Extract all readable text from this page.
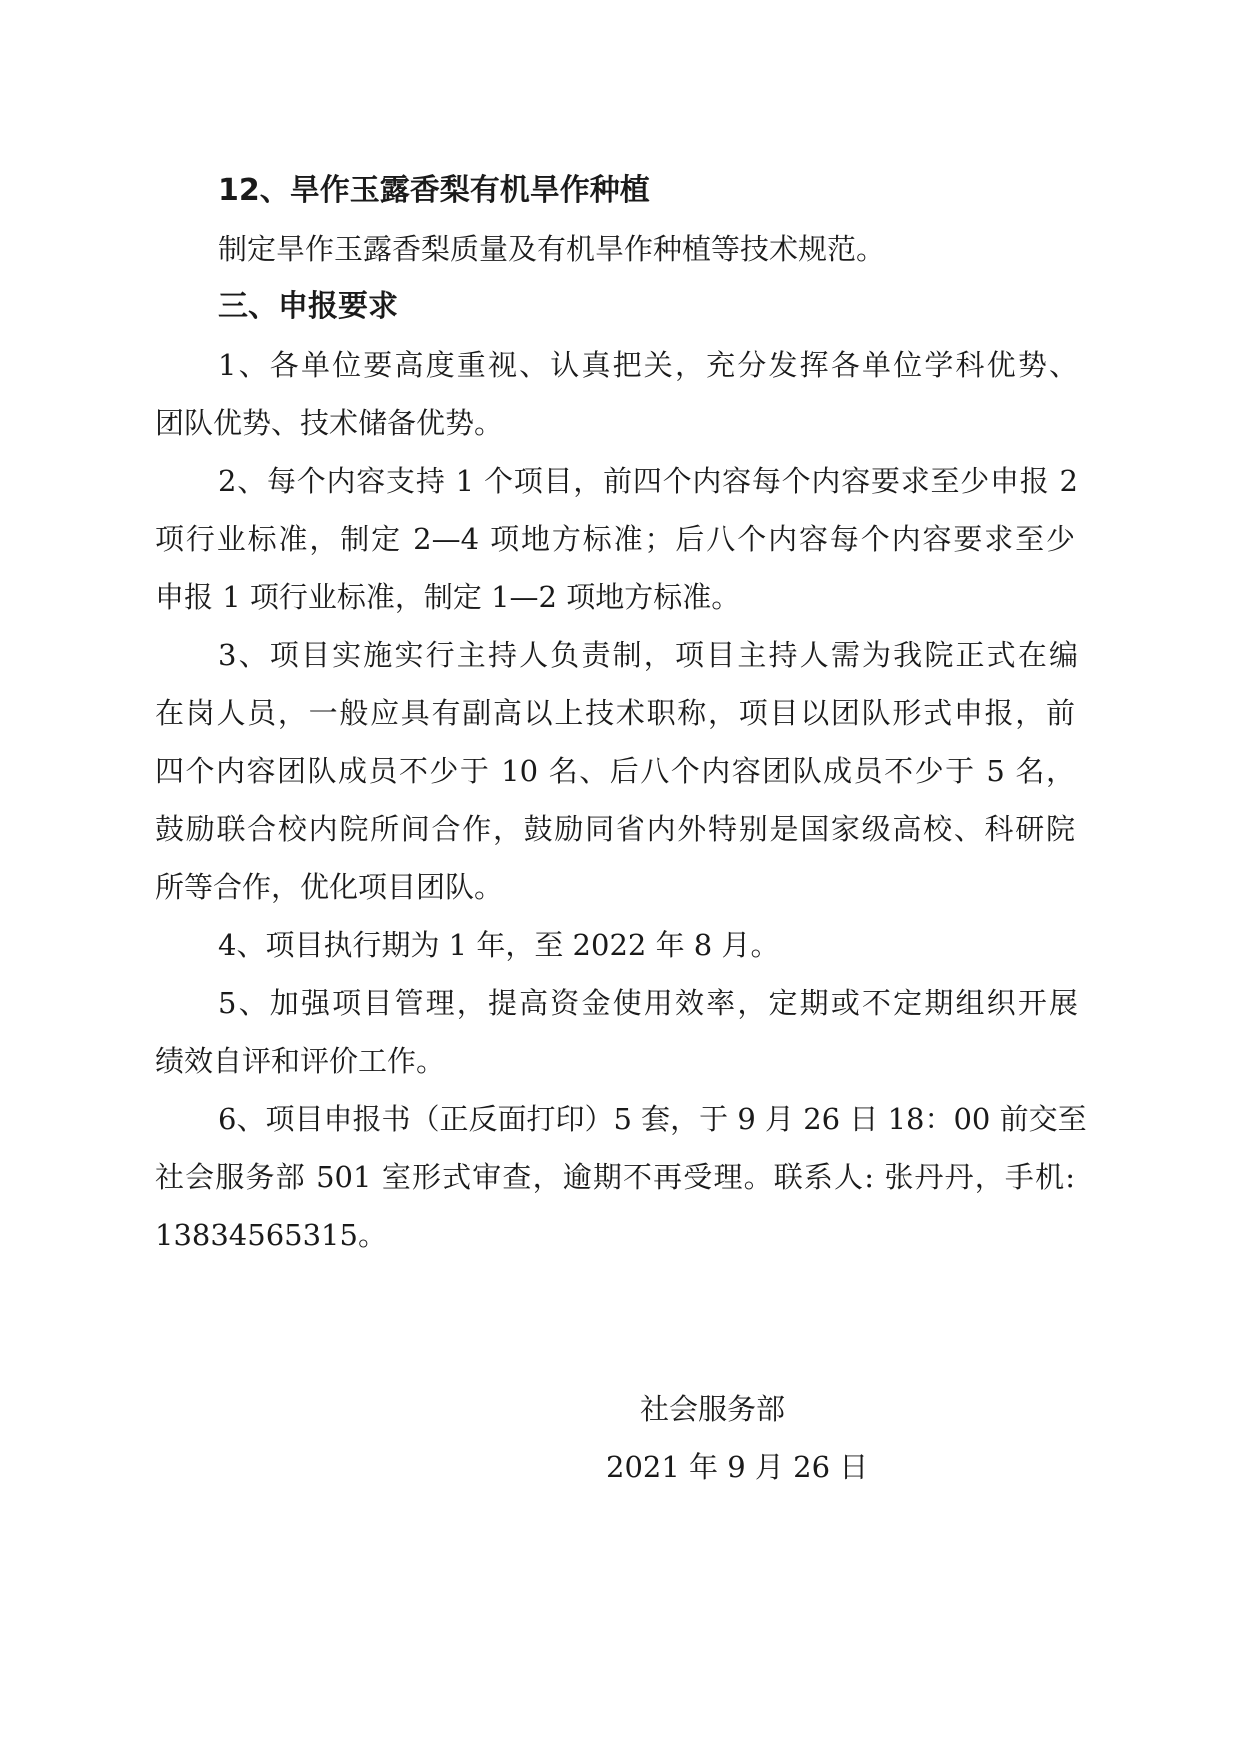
12、旱作玉露香梨有机旱作种植
制定旱作玉露香梨质量及有机旱作种植等技术规范。
三、申报要求
1、各单位要高度重视、认真把关，充分发挥各单位学科优势、
团队优势、技术储备优势。
2、每个内容支持 1 个项目，前四个内容每个内容要求至少申报 2
项行业标准，制定 2—4 项地方标准；后八个内容每个内容要求至少
申报 1 项行业标准，制定 1—2 项地方标准。
3、项目实施实行主持人负责制，项目主持人需为我院正式在编
在岗人员，一般应具有副高以上技术职称，项目以团队形式申报，前
四个内容团队成员不少于 10 名、后八个内容团队成员不少于 5 名，
鼓励联合校内院所间合作，鼓励同省内外特别是国家级高校、科研院
所等合作，优化项目团队。
4、项目执行期为 1 年，至 2022 年 8 月。
5、加强项目管理，提高资金使用效率，定期或不定期组织开展
绩效自评和评价工作。
6、项目申报书（正反面打印）5 套，于 9 月 26 日 18：00 前交至
社会服务部 501 室形式审查，逾期不再受理。联系人: 张丹丹，手机:
13834565315。
社会服务部
2021 年 9 月 26 日
